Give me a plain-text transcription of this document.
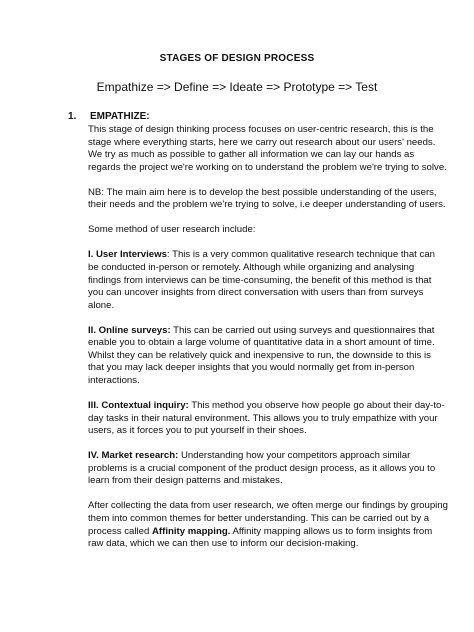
STAGES OF DESIGN PROCESS
Empathize => Define => Ideate => Prototype => Test
1. EMPATHIZE:

This stage of design thinking process focuses on user-centric research, this is the stage where everything starts, here we carry out research about our users' needs. We try as much as possible to gather all information we can lay our hands as regards the project we're working on to understand the problem we're trying to solve.

NB: The main aim here is to develop the best possible understanding of the users, their needs and the problem we're trying to solve, i.e deeper understanding of users.

Some method of user research include:

I. User Interviews: This is a very common qualitative research technique that can be conducted in-person or remotely. Although while organizing and analysing findings from interviews can be time-consuming, the benefit of this method is that you can uncover insights from direct conversation with users than from surveys alone.

II. Online surveys: This can be carried out using surveys and questionnaires that enable you to obtain a large volume of quantitative data in a short amount of time. Whilst they can be relatively quick and inexpensive to run, the downside to this is that you may lack deeper insights that you would normally get from in-person interactions.

III. Contextual inquiry: This method you observe how people go about their day-to-day tasks in their natural environment. This allows you to truly empathize with your users, as it forces you to put yourself in their shoes.

IV. Market research: Understanding how your competitors approach similar problems is a crucial component of the product design process, as it allows you to learn from their design patterns and mistakes.

After collecting the data from user research, we often merge our findings by grouping them into common themes for better understanding. This can be carried out by a process called Affinity mapping. Affinity mapping allows us to form insights from raw data, which we can then use to inform our decision-making.
